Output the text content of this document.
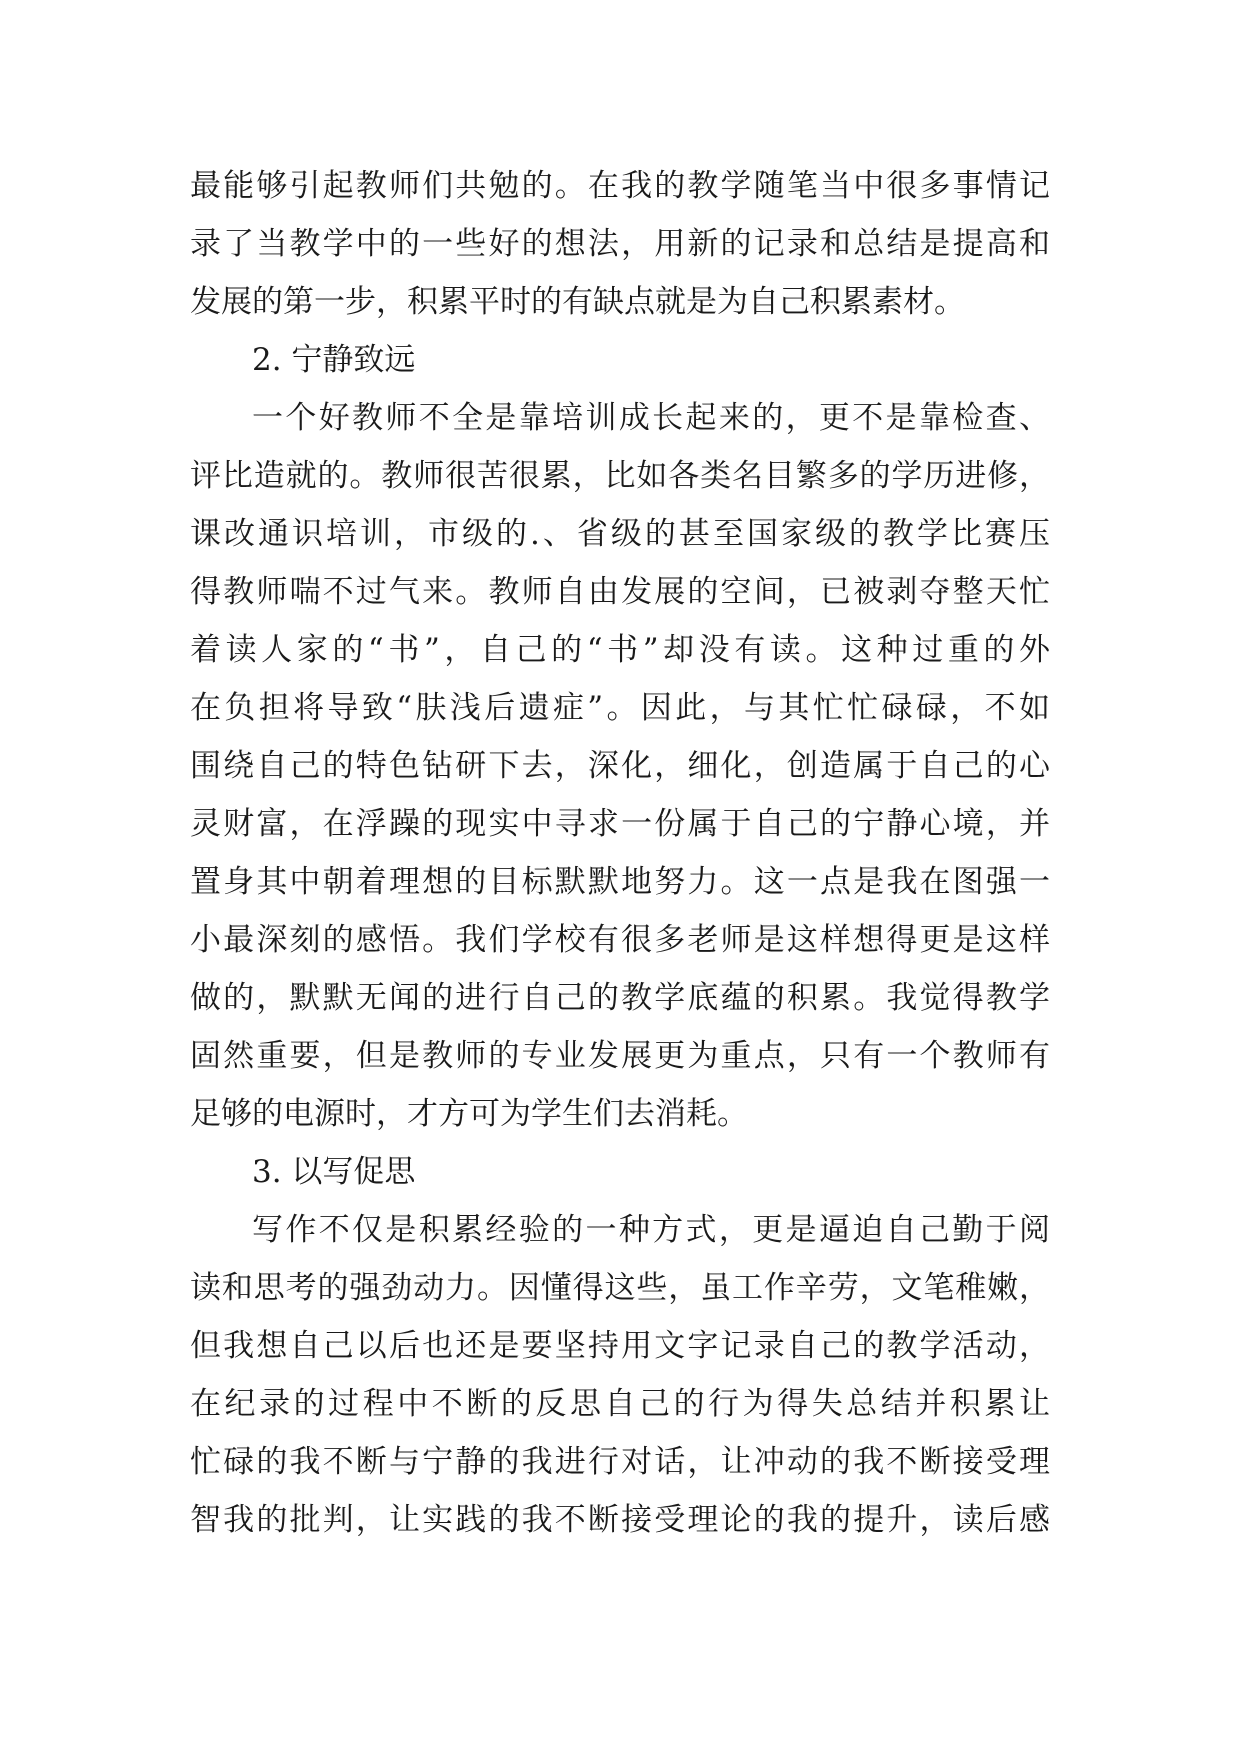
最能够引起教师们共勉的。在我的教学随笔当中很多事情记
录了当教学中的一些好的想法，用新的记录和总结是提高和
发展的第一步，积累平时的有缺点就是为自己积累素材。
2. 宁静致远
一个好教师不全是靠培训成长起来的，更不是靠检查、
评比造就的。教师很苦很累，比如各类名目繁多的学历进修，
课改通识培训，市级的.、省级的甚至国家级的教学比赛压
得教师喘不过气来。教师自由发展的空间，已被剥夺整天忙
着读人家的“书”，自己的“书”却没有读。这种过重的外
在负担将导致“肤浅后遗症”。因此，与其忙忙碌碌，不如
围绕自己的特色钻研下去，深化，细化，创造属于自己的心
灵财富，在浮躁的现实中寻求一份属于自己的宁静心境，并
置身其中朝着理想的目标默默地努力。这一点是我在图强一
小最深刻的感悟。我们学校有很多老师是这样想得更是这样
做的，默默无闻的进行自己的教学底蕴的积累。我觉得教学
固然重要，但是教师的专业发展更为重点，只有一个教师有
足够的电源时，才方可为学生们去消耗。
3. 以写促思
写作不仅是积累经验的一种方式，更是逼迫自己勤于阅
读和思考的强劲动力。因懂得这些，虽工作辛劳，文笔稚嫩，
但我想自己以后也还是要坚持用文字记录自己的教学活动，
在纪录的过程中不断的反思自己的行为得失总结并积累让
忙碌的我不断与宁静的我进行对话，让冲动的我不断接受理
智我的批判，让实践的我不断接受理论的我的提升，读后感
